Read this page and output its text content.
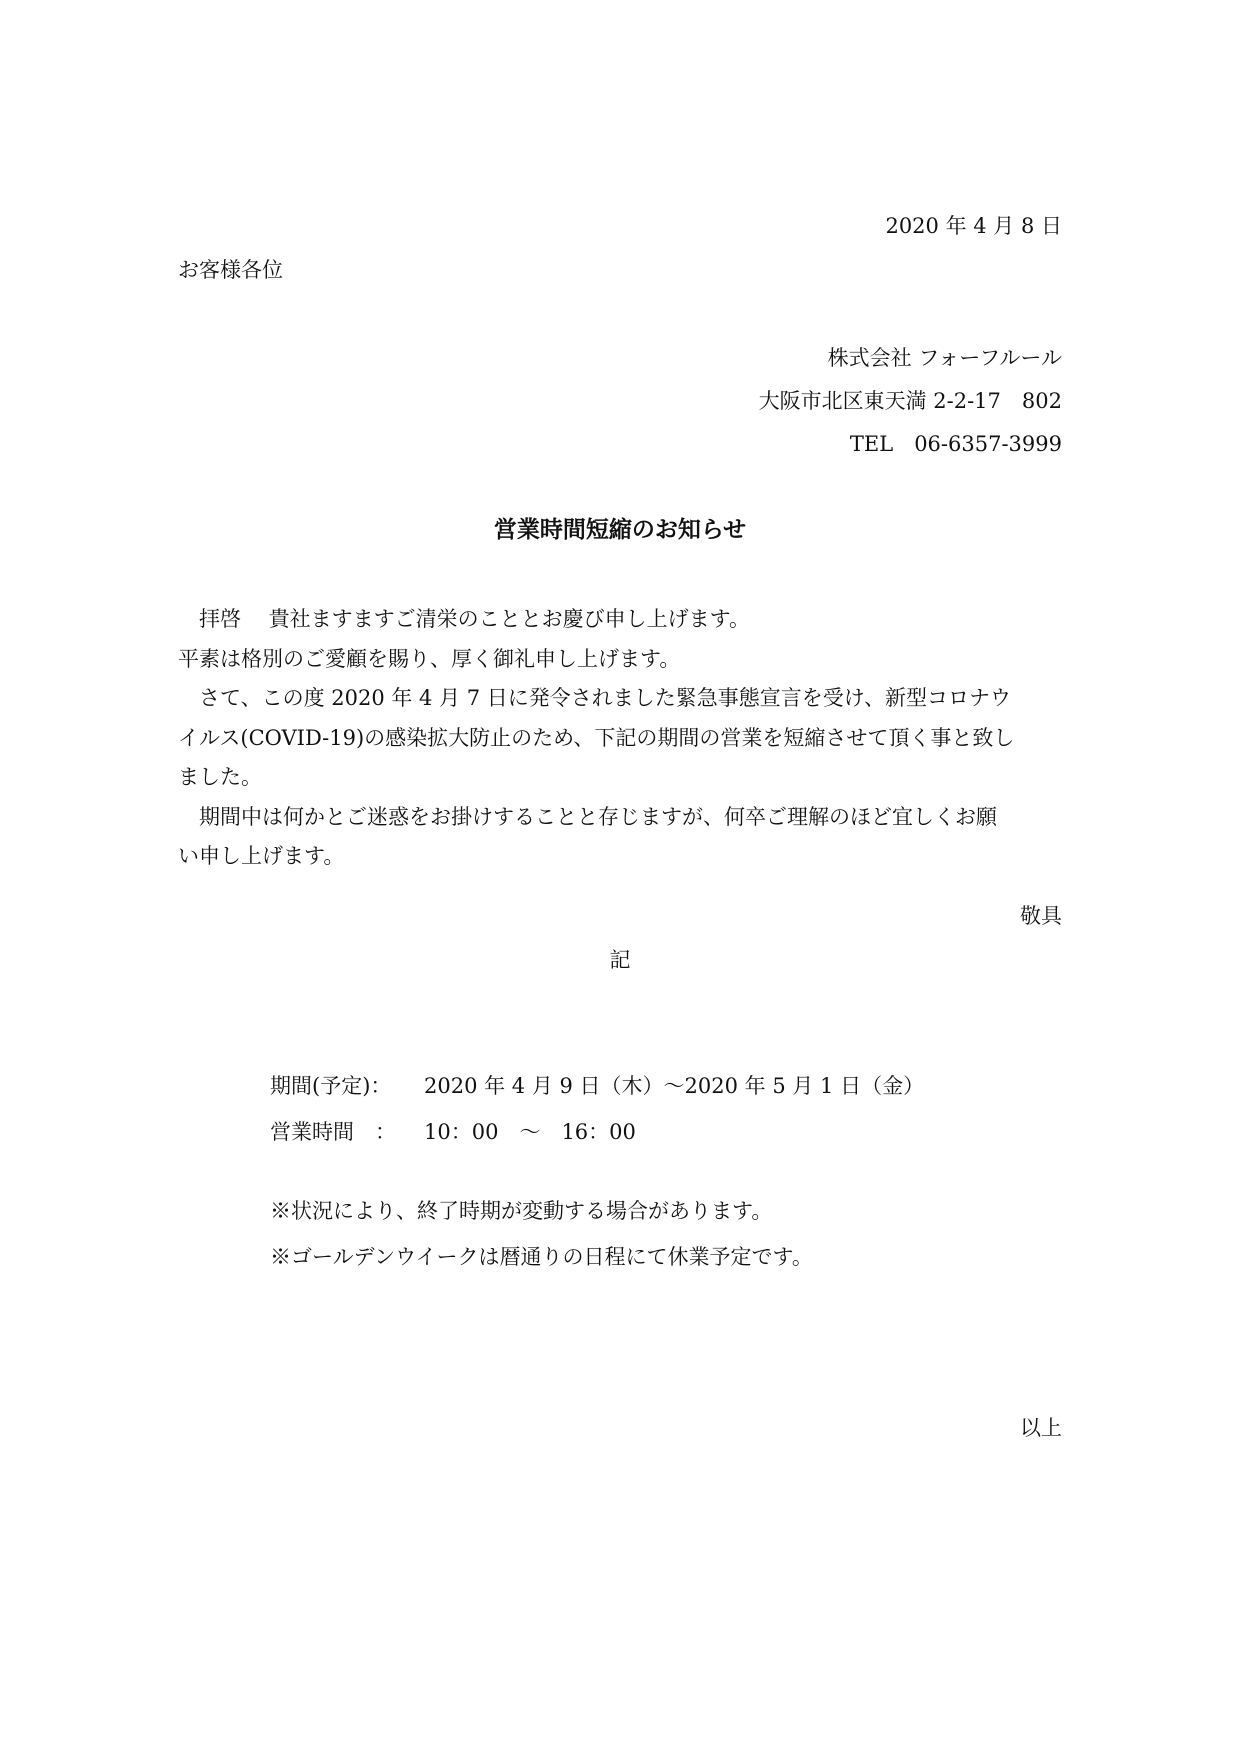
2020 年 4 月 8 日
お客様各位
株式会社 フォーフルール
大阪市北区東天満 2-2-17　802
TEL　06-6357-3999
営業時間短縮のお知らせ

拝啓　 貴社ますますご清栄のこととお慶び申し上げます。

平素は格別のご愛顧を賜り、厚く御礼申し上げます。

さて、この度 2020 年 4 月 7 日に発令されました緊急事態宣言を受け、新型コロナウ

イルス(COVID-19)の感染拡大防止のため、下記の期間の営業を短縮させて頂く事と致し

ました。

期間中は何かとご迷惑をお掛けすることと存じますが、何卒ご理解のほど宜しくお願

い申し上げます。

敬具
記
期間(予定)： 2020 年 4 月 9 日（木）～2020 年 5 月 1 日（金）
営業時間　： 10：00　～　16：00
※状況により、終了時期が変動する場合があります。
※ゴールデンウイークは暦通りの日程にて休業予定です。
以上
